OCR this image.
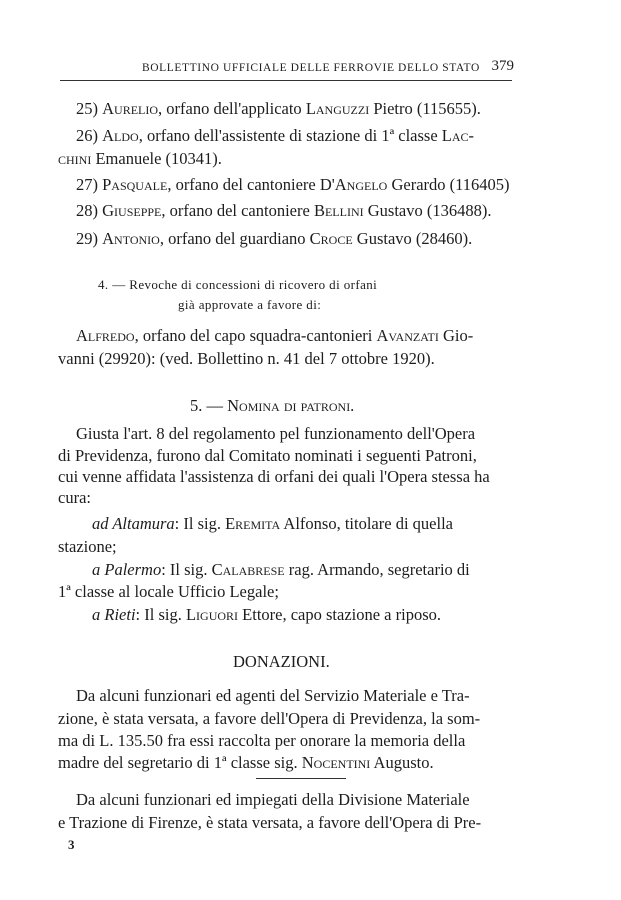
BOLLETTINO UFFICIALE DELLE FERROVIE DELLO STATO 379
25) Aurelio, orfano dell'applicato Languzzi Pietro (115655).
26) Aldo, orfano dell'assistente di stazione di 1ª classe Lac-
chini Emanuele (10341).
27) Pasquale, orfano del cantoniere D'Angelo Gerardo (116405)
28) Giuseppe, orfano del cantoniere Bellini Gustavo (136488).
29) Antonio, orfano del guardiano Croce Gustavo (28460).
4. — Revoche di concessioni di ricovero di orfani
già approvate a favore di:
Alfredo, orfano del capo squadra-cantonieri Avanzati Gio-
vanni (29920): (ved. Bollettino n. 41 del 7 ottobre 1920).
5. — Nomina di patroni.
Giusta l'art. 8 del regolamento pel funzionamento dell'Opera
di Previdenza, furono dal Comitato nominati i seguenti Patroni,
cui venne affidata l'assistenza di orfani dei quali l'Opera stessa ha
cura:
ad Altamura: Il sig. Eremita Alfonso, titolare di quella
stazione;
a Palermo: Il sig. Calabrese rag. Armando, segretario di
1ª classe al locale Ufficio Legale;
a Rieti: Il sig. Liguori Ettore, capo stazione a riposo.
DONAZIONI.
Da alcuni funzionari ed agenti del Servizio Materiale e Tra-
zione, è stata versata, a favore dell'Opera di Previdenza, la som-
ma di L. 135.50 fra essi raccolta per onorare la memoria della
madre del segretario di 1ª classe sig. Nocentini Augusto.
Da alcuni funzionari ed impiegati della Divisione Materiale
e Trazione di Firenze, è stata versata, a favore dell'Opera di Pre-
3
